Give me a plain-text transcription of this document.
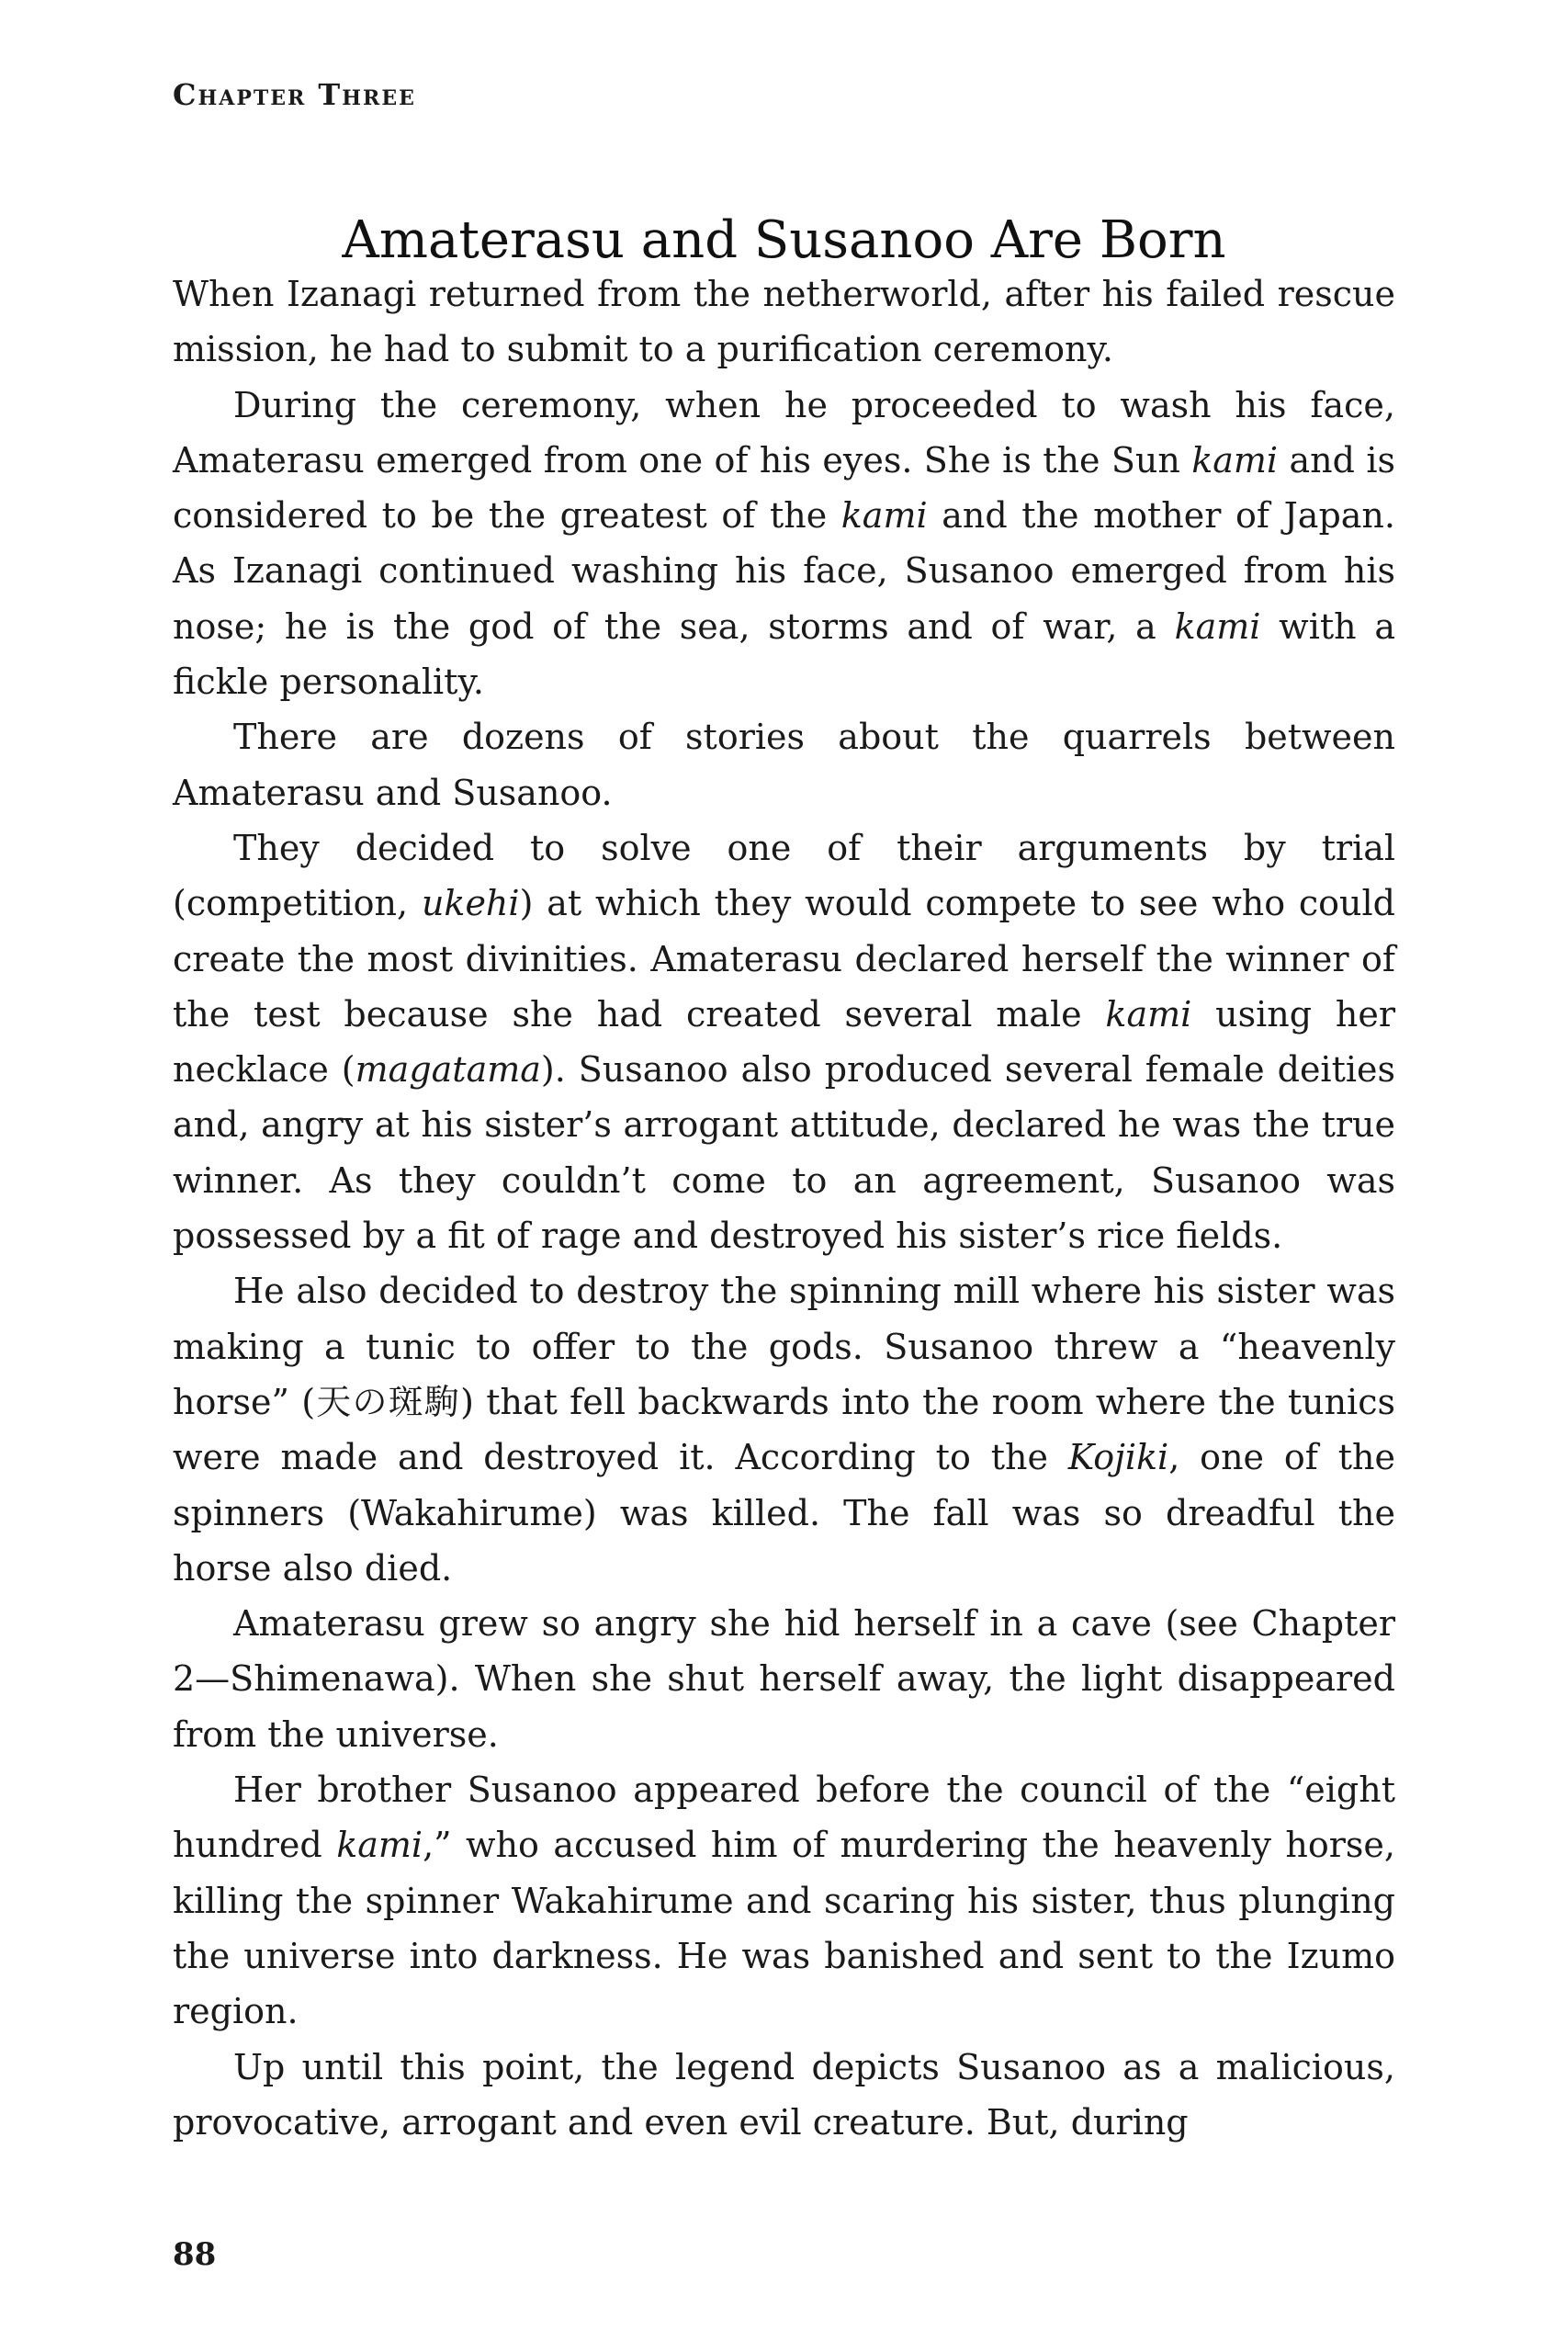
Chapter Three
Amaterasu and Susanoo Are Born

When Izanagi returned from the netherworld, after his failed rescue mission, he had to submit to a purification ceremony.

During the ceremony, when he proceeded to wash his face, Amaterasu emerged from one of his eyes. She is the Sun kami and is considered to be the greatest of the kami and the mother of Japan. As Izanagi continued washing his face, Susanoo emerged from his nose; he is the god of the sea, storms and of war, a kami with a fickle personality.

There are dozens of stories about the quarrels between Amaterasu and Susanoo.

They decided to solve one of their arguments by trial (competition, ukehi) at which they would compete to see who could create the most divinities. Amaterasu declared herself the winner of the test because she had created several male kami using her necklace (magatama). Susanoo also produced several female deities and, angry at his sister’s arrogant attitude, declared he was the true winner. As they couldn’t come to an agreement, Susanoo was possessed by a fit of rage and destroyed his sister’s rice fields.

He also decided to destroy the spinning mill where his sister was making a tunic to offer to the gods. Susanoo threw a “heavenly horse” (天の斑駒) that fell backwards into the room where the tunics were made and destroyed it. According to the Kojiki, one of the spinners (Wakahirume) was killed. The fall was so dreadful the horse also died.

Amaterasu grew so angry she hid herself in a cave (see Chapter 2—Shimenawa). When she shut herself away, the light disappeared from the universe.

Her brother Susanoo appeared before the council of the “eight hundred kami,” who accused him of murdering the heavenly horse, killing the spinner Wakahirume and scaring his sister, thus plunging the universe into darkness. He was banished and sent to the Izumo region.

Up until this point, the legend depicts Susanoo as a malicious, provocative, arrogant and even evil creature. But, during

88
